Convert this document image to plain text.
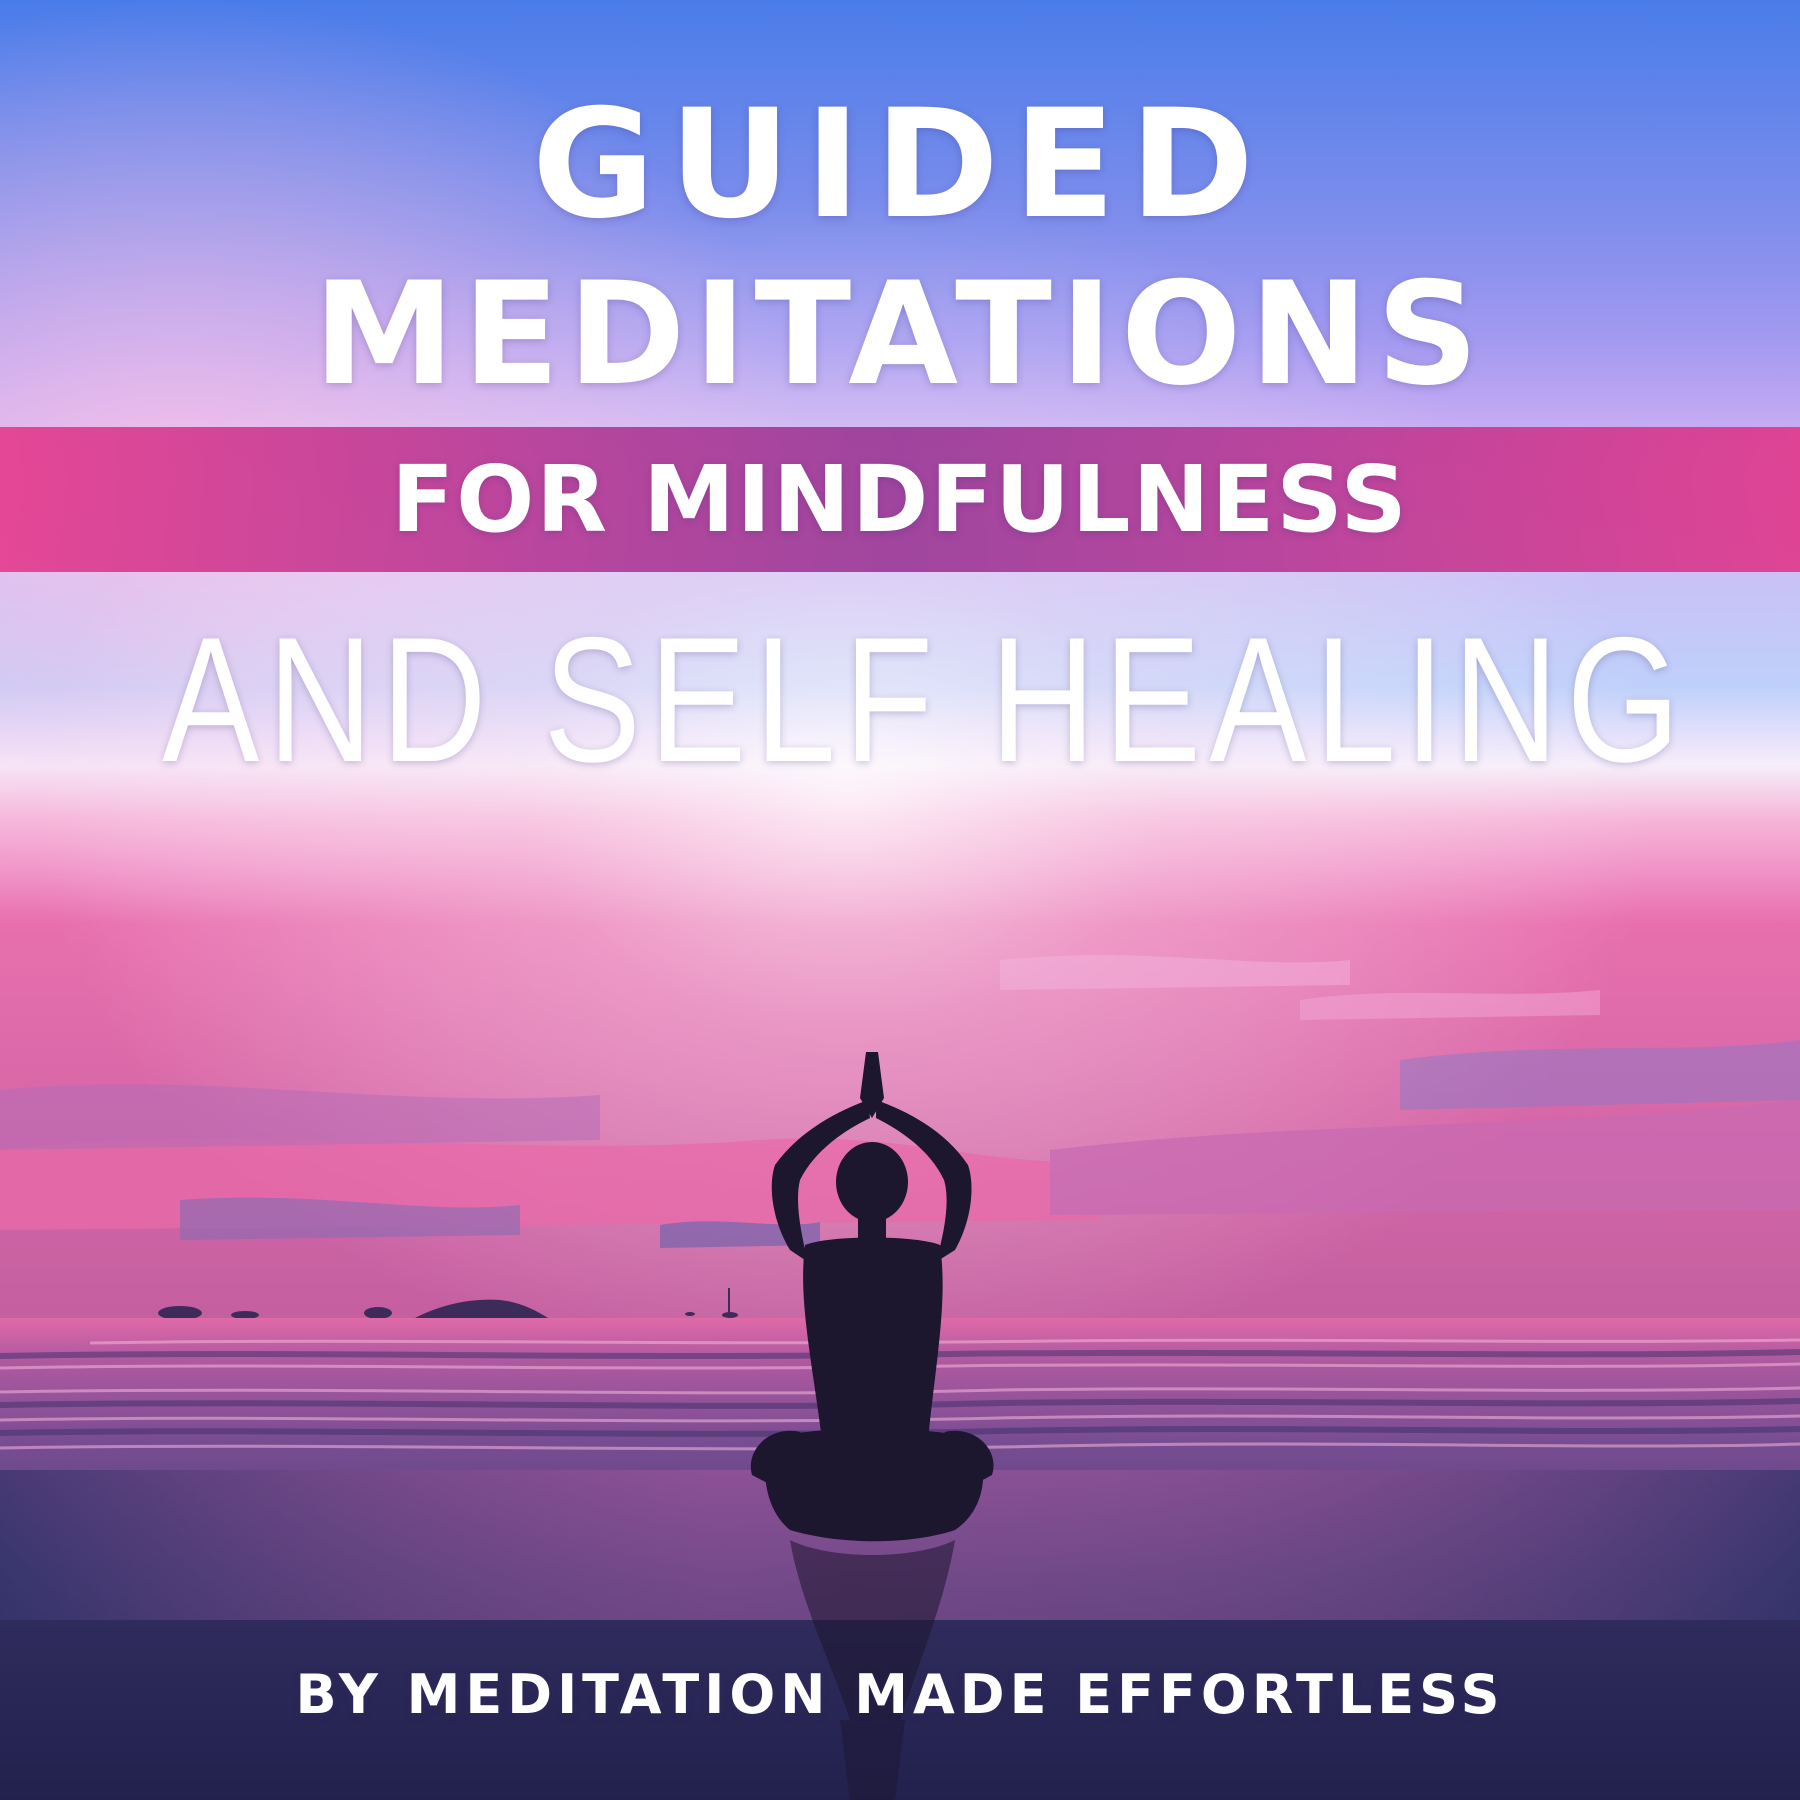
GUIDED
MEDITATIONS
FOR MINDFULNESS
AND SELF HEALING
BY MEDITATION MADE EFFORTLESS
